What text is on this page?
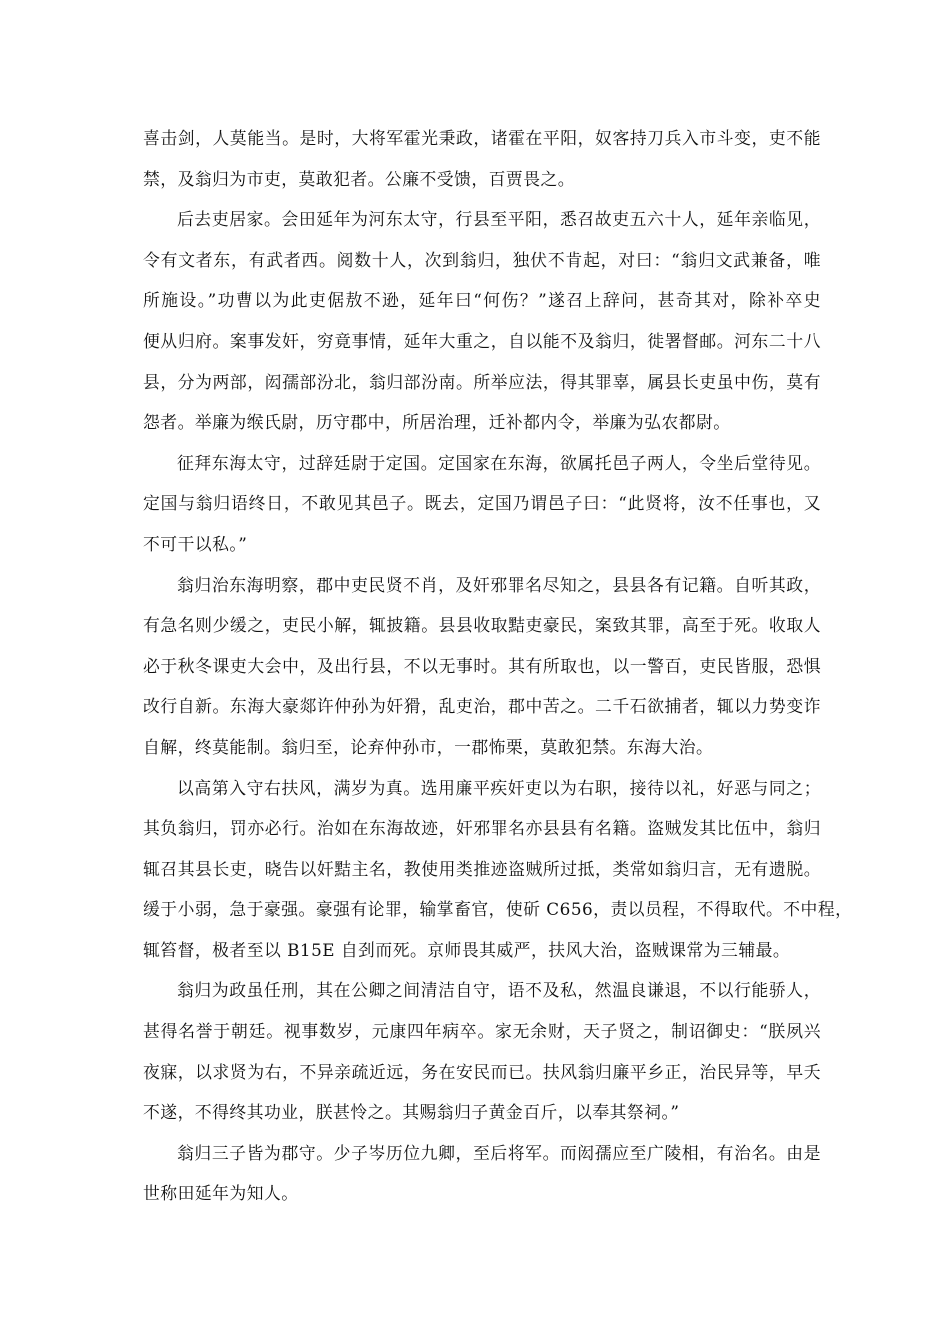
喜击剑，人莫能当。是时，大将军霍光秉政，诸霍在平阳，奴客持刀兵入市斗变，吏不能
禁，及翁归为市吏，莫敢犯者。公廉不受馈，百贾畏之。
后去吏居家。会田延年为河东太守，行县至平阳，悉召故吏五六十人，延年亲临见，
令有文者东，有武者西。阅数十人，次到翁归，独伏不肯起，对曰：“翁归文武兼备，唯
所施设。”功曹以为此吏倨敖不逊，延年曰“何伤？”遂召上辞问，甚奇其对，除补卒史
便从归府。案事发奸，穷竟事情，延年大重之，自以能不及翁归，徙署督邮。河东二十八
县，分为两部，闳孺部汾北，翁归部汾南。所举应法，得其罪辜，属县长吏虽中伤，莫有
怨者。举廉为缑氏尉，历守郡中，所居治理，迁补都内令，举廉为弘农都尉。
征拜东海太守，过辞廷尉于定国。定国家在东海，欲属托邑子两人，令坐后堂待见。
定国与翁归语终日，不敢见其邑子。既去，定国乃谓邑子曰：“此贤将，汝不任事也，又
不可干以私。”
翁归治东海明察，郡中吏民贤不肖，及奸邪罪名尽知之，县县各有记籍。自听其政，
有急名则少缓之，吏民小解，辄披籍。县县收取黠吏豪民，案致其罪，高至于死。收取人
必于秋冬课吏大会中，及出行县，不以无事时。其有所取也，以一警百，吏民皆服，恐惧
改行自新。东海大豪郯许仲孙为奸猾，乱吏治，郡中苦之。二千石欲捕者，辄以力势变诈
自解，终莫能制。翁归至，论弃仲孙市，一郡怖栗，莫敢犯禁。东海大治。
以高第入守右扶风，满岁为真。选用廉平疾奸吏以为右职，接待以礼，好恶与同之；
其负翁归，罚亦必行。治如在东海故迹，奸邪罪名亦县县有名籍。盗贼发其比伍中，翁归
辄召其县长吏，晓告以奸黠主名，教使用类推迹盗贼所过抵，类常如翁归言，无有遗脱。
缓于小弱，急于豪强。豪强有论罪，输掌畜官，使斫 C656，责以员程，不得取代。不中程，
辄笞督，极者至以 B15E 自刭而死。京师畏其威严，扶风大治，盗贼课常为三辅最。
翁归为政虽任刑，其在公卿之间清洁自守，语不及私，然温良谦退，不以行能骄人，
甚得名誉于朝廷。视事数岁，元康四年病卒。家无余财，天子贤之，制诏御史：“朕夙兴
夜寐，以求贤为右，不异亲疏近远，务在安民而已。扶风翁归廉平乡正，治民异等，早夭
不遂，不得终其功业，朕甚怜之。其赐翁归子黄金百斤，以奉其祭祠。”
翁归三子皆为郡守。少子岑历位九卿，至后将军。而闳孺应至广陵相，有治名。由是
世称田延年为知人。
